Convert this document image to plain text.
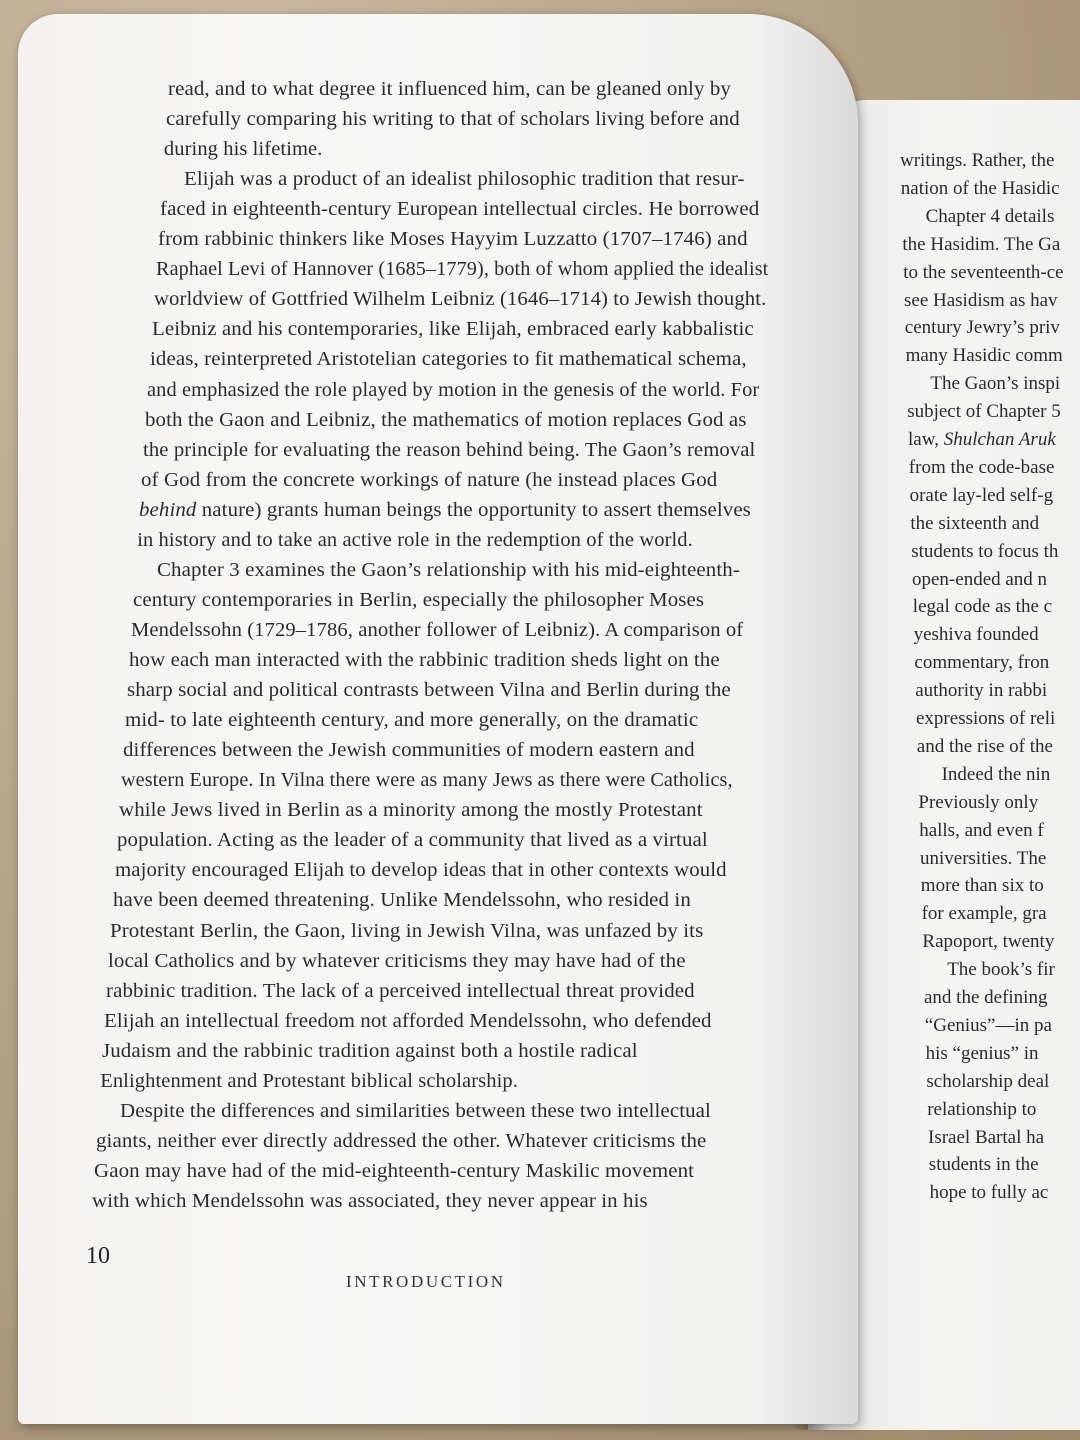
read, and to what degree it influenced him, can be gleaned only by
carefully comparing his writing to that of scholars living before and
during his lifetime.
Elijah was a product of an idealist philosophic tradition that resur-
faced in eighteenth-century European intellectual circles. He borrowed
from rabbinic thinkers like Moses Hayyim Luzzatto (1707–1746) and
Raphael Levi of Hannover (1685–1779), both of whom applied the idealist
worldview of Gottfried Wilhelm Leibniz (1646–1714) to Jewish thought.
Leibniz and his contemporaries, like Elijah, embraced early kabbalistic
ideas, reinterpreted Aristotelian categories to fit mathematical schema,
and emphasized the role played by motion in the genesis of the world. For
both the Gaon and Leibniz, the mathematics of motion replaces God as
the principle for evaluating the reason behind being. The Gaon’s removal
of God from the concrete workings of nature (he instead places God
behind nature) grants human beings the opportunity to assert themselves
in history and to take an active role in the redemption of the world.
Chapter 3 examines the Gaon’s relationship with his mid-eighteenth-
century contemporaries in Berlin, especially the philosopher Moses
Mendelssohn (1729–1786, another follower of Leibniz). A comparison of
how each man interacted with the rabbinic tradition sheds light on the
sharp social and political contrasts between Vilna and Berlin during the
mid- to late eighteenth century, and more generally, on the dramatic
differences between the Jewish communities of modern eastern and
western Europe. In Vilna there were as many Jews as there were Catholics,
while Jews lived in Berlin as a minority among the mostly Protestant
population. Acting as the leader of a community that lived as a virtual
majority encouraged Elijah to develop ideas that in other contexts would
have been deemed threatening. Unlike Mendelssohn, who resided in
Protestant Berlin, the Gaon, living in Jewish Vilna, was unfazed by its
local Catholics and by whatever criticisms they may have had of the
rabbinic tradition. The lack of a perceived intellectual threat provided
Elijah an intellectual freedom not afforded Mendelssohn, who defended
Judaism and the rabbinic tradition against both a hostile radical
Enlightenment and Protestant biblical scholarship.
Despite the differences and similarities between these two intellectual
giants, neither ever directly addressed the other. Whatever criticisms the
Gaon may have had of the mid-eighteenth-century Maskilic movement
with which Mendelssohn was associated, they never appear in his
writings. Rather, the
nation of the Hasidic
Chapter 4 details
the Hasidim. The Ga
to the seventeenth-ce
see Hasidism as hav
century Jewry’s priv
many Hasidic comm
The Gaon’s inspi
subject of Chapter 5
law, Shulchan Aruk
from the code-base
orate lay-led self-g
the sixteenth and
students to focus th
open-ended and n
legal code as the c
yeshiva founded
commentary, fron
authority in rabbi
expressions of reli
and the rise of the
Indeed the nin
Previously only
halls, and even f
universities. The
more than six to
for example, gra
Rapoport, twenty
The book’s fir
and the defining
“Genius”—in pa
his “genius” in
scholarship deal
relationship to
Israel Bartal ha
students in the
hope to fully ac
10
INTRODUCTION
